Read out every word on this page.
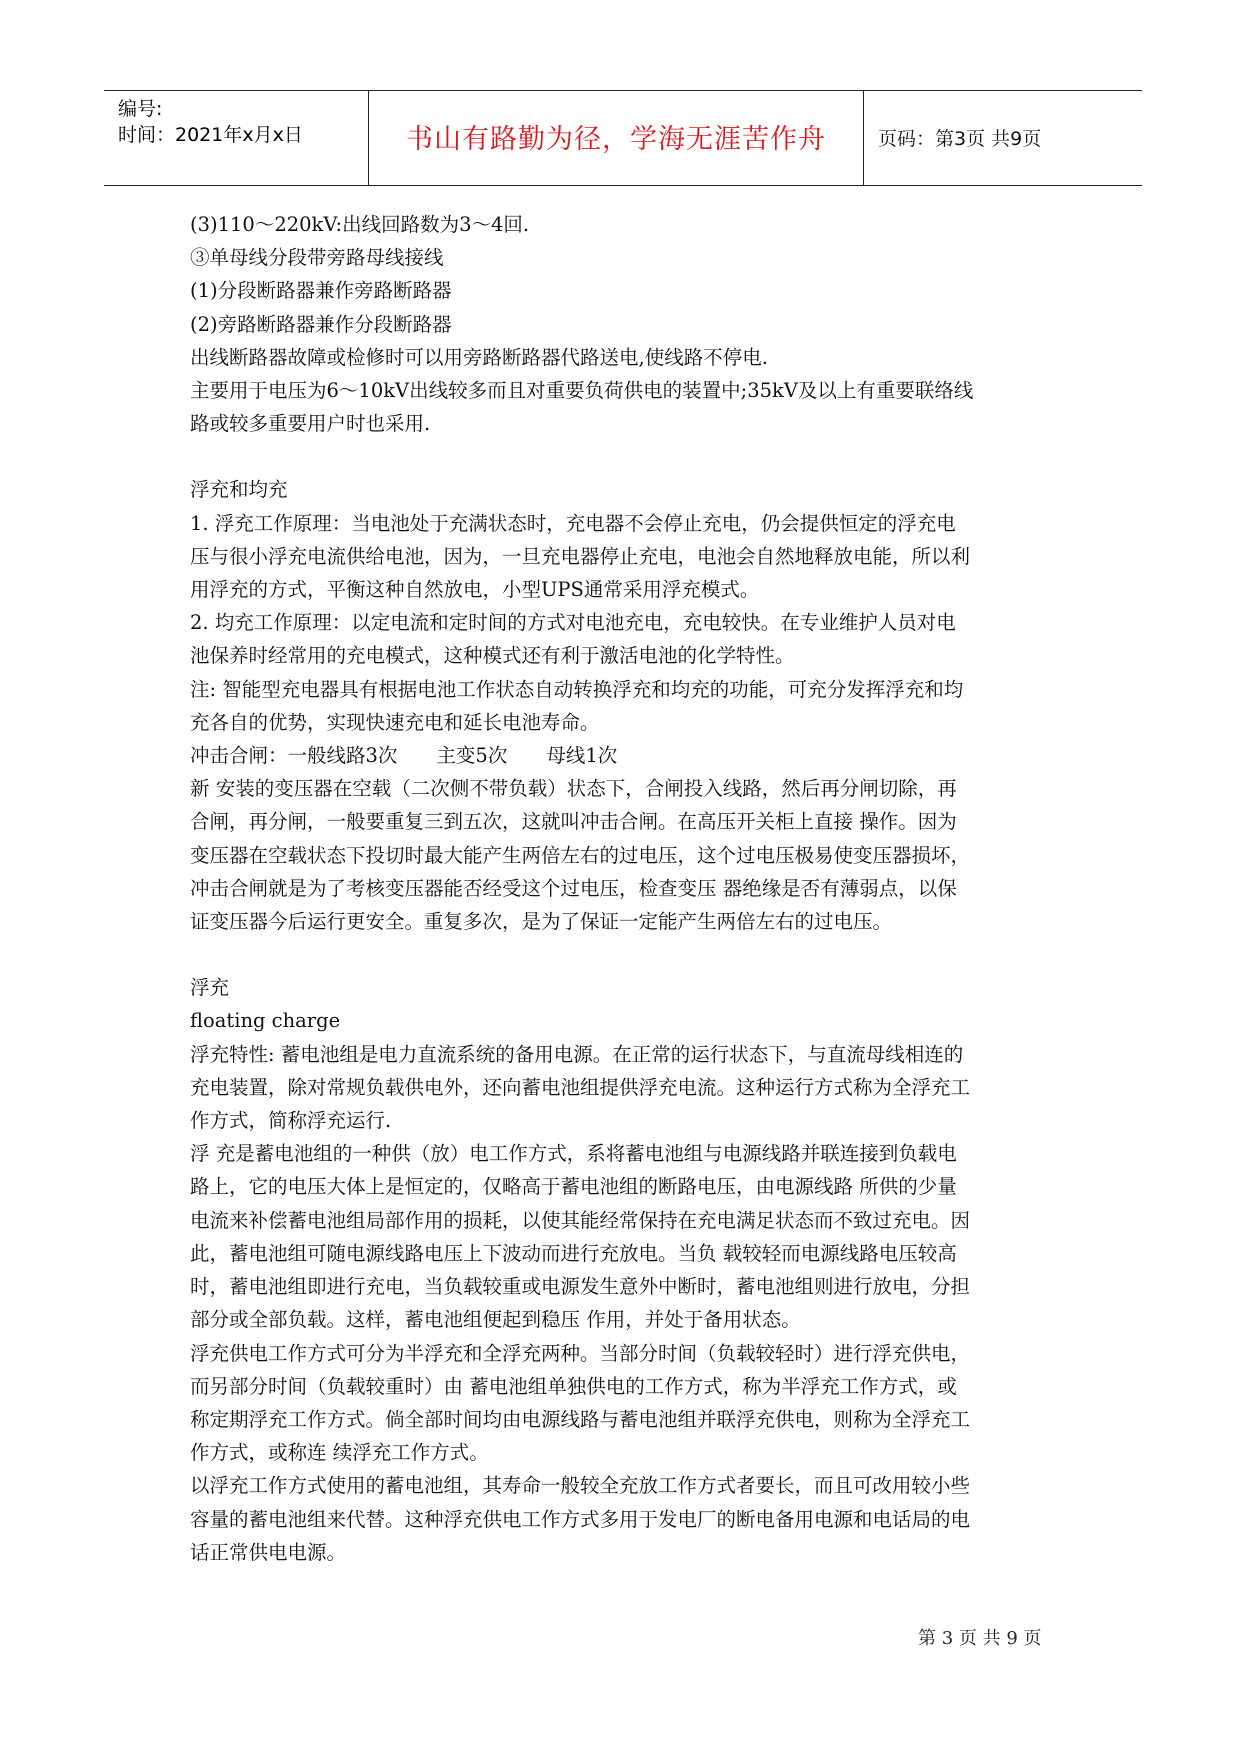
编号:
时间：2021年x月x日	书山有路勤为径，学海无涯苦作舟	页码：第3页 共9页

(3)110～220kV:出线回路数为3～4回.

③单母线分段带旁路母线接线

(1)分段断路器兼作旁路断路器

(2)旁路断路器兼作分段断路器

出线断路器故障或检修时可以用旁路断路器代路送电,使线路不停电.

主要用于电压为6～10kV出线较多而且对重要负荷供电的装置中;35kV及以上有重要联络线

路或较多重要用户时也采用.

浮充和均充

1. 浮充工作原理：当电池处于充满状态时，充电器不会停止充电，仍会提供恒定的浮充电

压与很小浮充电流供给电池，因为，一旦充电器停止充电，电池会自然地释放电能，所以利

用浮充的方式，平衡这种自然放电，小型UPS通常采用浮充模式。

2. 均充工作原理：以定电流和定时间的方式对电池充电，充电较快。在专业维护人员对电

池保养时经常用的充电模式，这种模式还有利于激活电池的化学特性。

注: 智能型充电器具有根据电池工作状态自动转换浮充和均充的功能，可充分发挥浮充和均

充各自的优势，实现快速充电和延长电池寿命。

冲击合闸：一般线路3次　　主变5次　　母线1次

新 安装的变压器在空载（二次侧不带负载）状态下，合闸投入线路，然后再分闸切除，再

合闸，再分闸，一般要重复三到五次，这就叫冲击合闸。在高压开关柜上直接 操作。因为

变压器在空载状态下投切时最大能产生两倍左右的过电压，这个过电压极易使变压器损坏，

冲击合闸就是为了考核变压器能否经受这个过电压，检查变压 器绝缘是否有薄弱点，以保

证变压器今后运行更安全。重复多次，是为了保证一定能产生两倍左右的过电压。

浮充

floating charge

浮充特性: 蓄电池组是电力直流系统的备用电源。在正常的运行状态下，与直流母线相连的

充电装置，除对常规负载供电外，还向蓄电池组提供浮充电流。这种运行方式称为全浮充工

作方式，简称浮充运行.

浮 充是蓄电池组的一种供（放）电工作方式，系将蓄电池组与电源线路并联连接到负载电

路上，它的电压大体上是恒定的，仅略高于蓄电池组的断路电压，由电源线路 所供的少量

电流来补偿蓄电池组局部作用的损耗，以使其能经常保持在充电满足状态而不致过充电。因

此，蓄电池组可随电源线路电压上下波动而进行充放电。当负 载较轻而电源线路电压较高

时，蓄电池组即进行充电，当负载较重或电源发生意外中断时，蓄电池组则进行放电，分担

部分或全部负载。这样，蓄电池组便起到稳压 作用，并处于备用状态。

浮充供电工作方式可分为半浮充和全浮充两种。当部分时间（负载较轻时）进行浮充供电，

而另部分时间（负载较重时）由 蓄电池组单独供电的工作方式，称为半浮充工作方式，或

称定期浮充工作方式。倘全部时间均由电源线路与蓄电池组并联浮充供电，则称为全浮充工

作方式，或称连 续浮充工作方式。

以浮充工作方式使用的蓄电池组，其寿命一般较全充放工作方式者要长，而且可改用较小些

容量的蓄电池组来代替。这种浮充供电工作方式多用于发电厂的断电备用电源和电话局的电

话正常供电电源。

第 3 页 共 9 页
